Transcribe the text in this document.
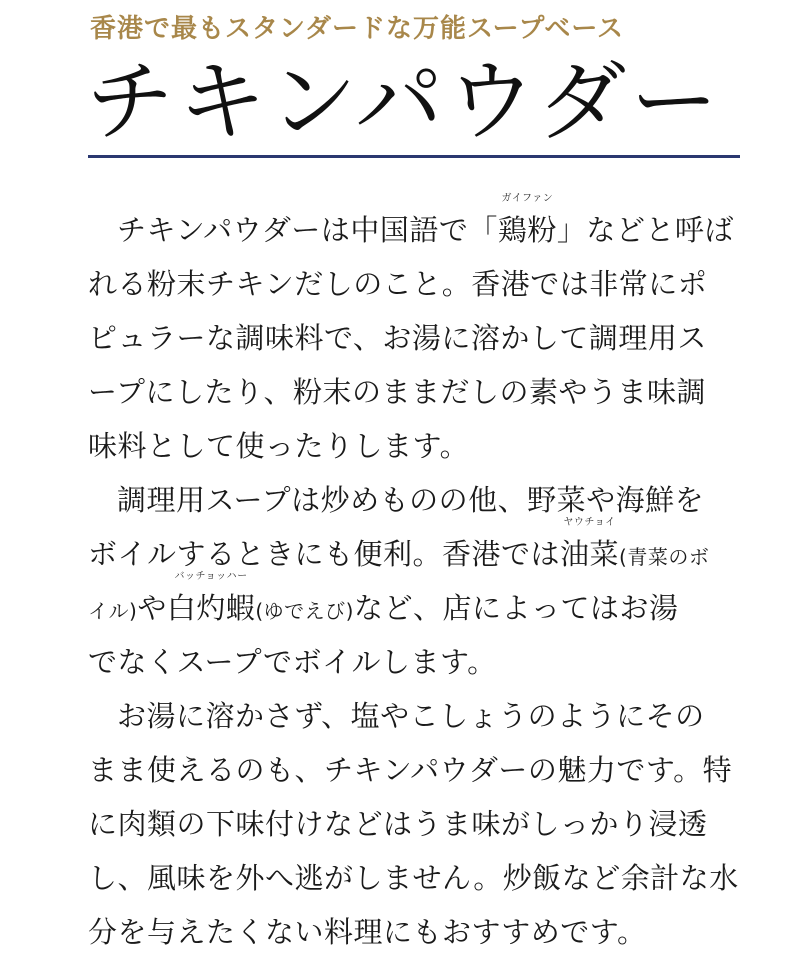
香港で最もスタンダードな万能スープベース
チキンパウダー
チキンパウダーは中国語で「
ガイファン
鶏粉」などと呼ば
れる粉末チキンだしのこと。香港では非常にポ
ピュラーな調味料で、お湯に溶かして調理用ス
ープにしたり、粉末のままだしの素やうま味調
味料として使ったりします。
調理用スープは炒めものの他、野菜や海鮮を
ボイルするときにも便利。香港では
ヤウチョイ
油菜(青菜のボ
イル)や
バッチョッハー
白灼蝦(ゆでえび)など、店によってはお湯
でなくスープでボイルします。
お湯に溶かさず、塩やこしょうのようにその
まま使えるのも、チキンパウダーの魅力です。特
に肉類の下味付けなどはうま味がしっかり浸透
し、風味を外へ逃がしません。炒飯など余計な水
分を与えたくない料理にもおすすめです。
